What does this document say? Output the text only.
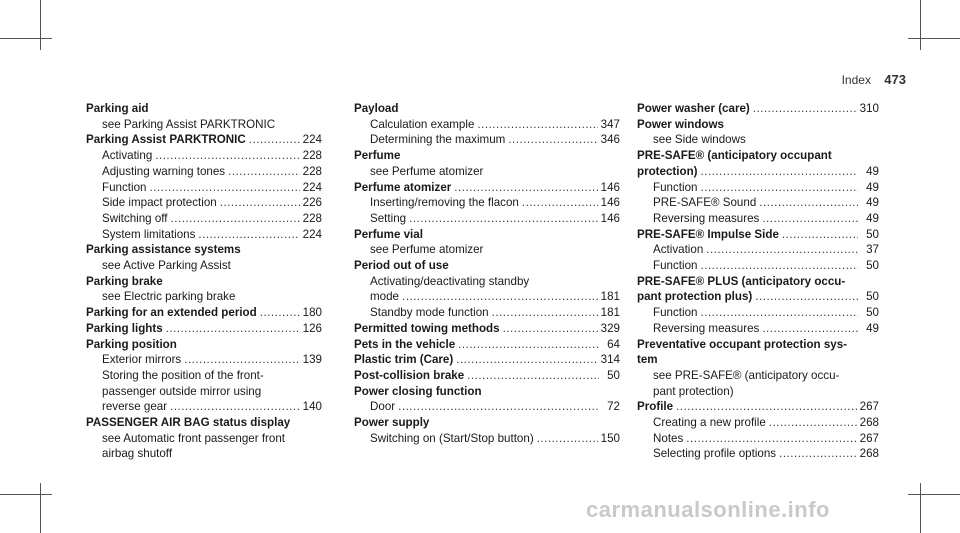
Index 473
Parking aid
see Parking Assist PARKTRONIC
Parking Assist PARKTRONIC .....	224
Activating .....	228
Adjusting warning tones .....	228
Function .....	224
Side impact protection .....	226
Switching off .....	228
System limitations .....	224
Parking assistance systems
see Active Parking Assist
Parking brake
see Electric parking brake
Parking for an extended period .....	180
Parking lights .....	126
Parking position
Exterior mirrors .....	139
Storing the position of the front-
passenger outside mirror using
reverse gear .....	140
PASSENGER AIR BAG status display
see Automatic front passenger front
airbag shutoff
Payload
Calculation example .....	347
Determining the maximum .....	346
Perfume
see Perfume atomizer
Perfume atomizer .....	146
Inserting/removing the flacon .....	146
Setting .....	146
Perfume vial
see Perfume atomizer
Period out of use
Activating/deactivating standby
mode .....	181
Standby mode function .....	181
Permitted towing methods .....	329
Pets in the vehicle .....	64
Plastic trim (Care) .....	314
Post-collision brake .....	50
Power closing function
Door .....	72
Power supply
Switching on (Start/Stop button) .....	150
Power washer (care) .....	310
Power windows
see Side windows
PRE-SAFE® (anticipatory occupant
protection) .....	49
Function .....	49
PRE-SAFE® Sound .....	49
Reversing measures .....	49
PRE-SAFE® Impulse Side .....	50
Activation .....	37
Function .....	50
PRE-SAFE® PLUS (anticipatory occu-
pant protection plus) .....	50
Function .....	50
Reversing measures .....	49
Preventative occupant protection sys-
tem
see PRE-SAFE® (anticipatory occu-
pant protection)
Profile .....	267
Creating a new profile .....	268
Notes .....	267
Selecting profile options .....	268
carmanualsonline.info
